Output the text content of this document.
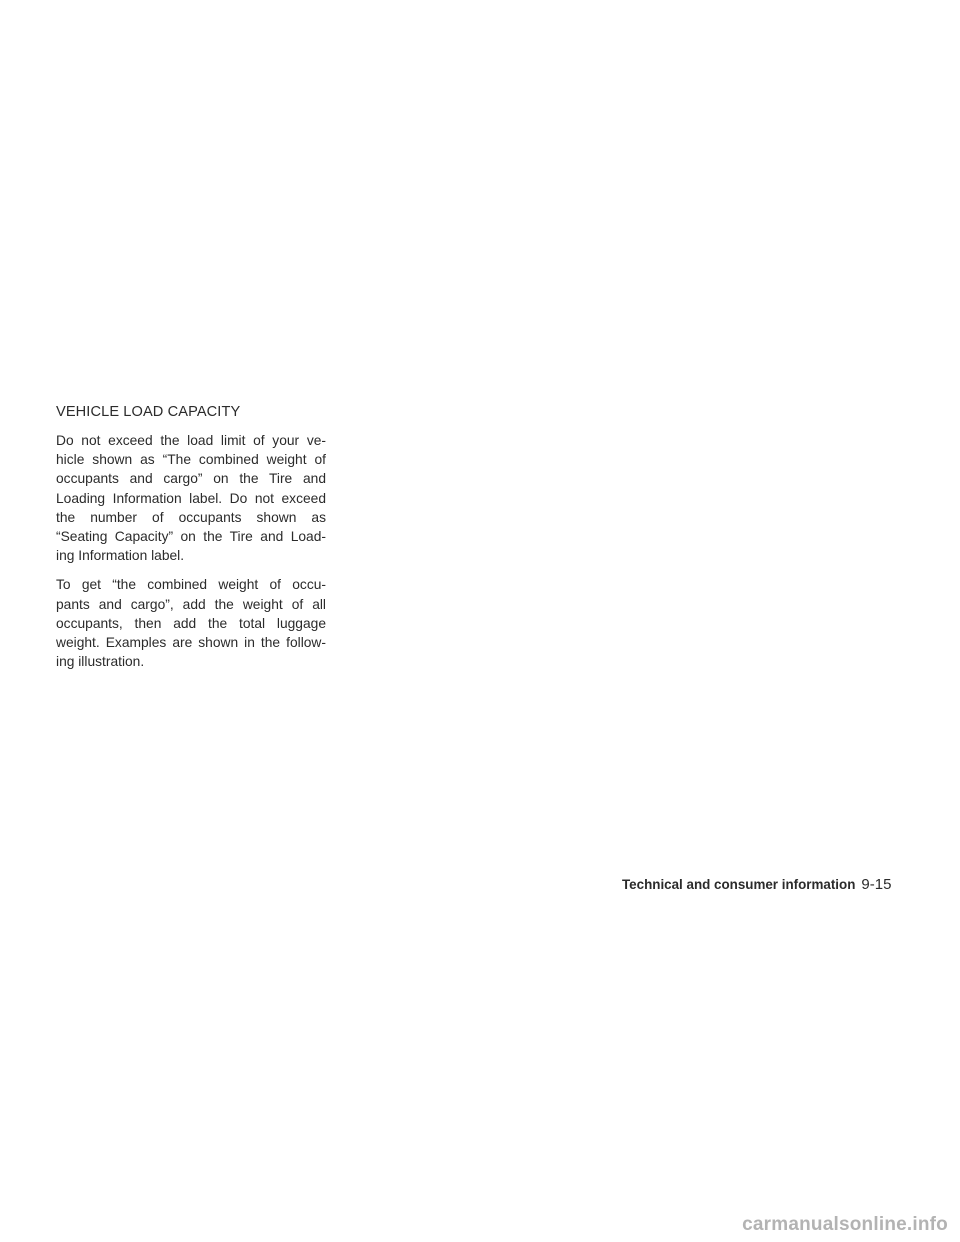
VEHICLE LOAD CAPACITY

Do not exceed the load limit of your ve-
hicle shown as “The combined weight of
occupants and cargo” on the Tire and
Loading Information label. Do not exceed
the number of occupants shown as
“Seating Capacity” on the Tire and Load-
ing Information label.

To get “the combined weight of occu-
pants and cargo”, add the weight of all
occupants, then add the total luggage
weight. Examples are shown in the follow-
ing illustration.

Technical and consumer information 9-15
carmanualsonline.info
